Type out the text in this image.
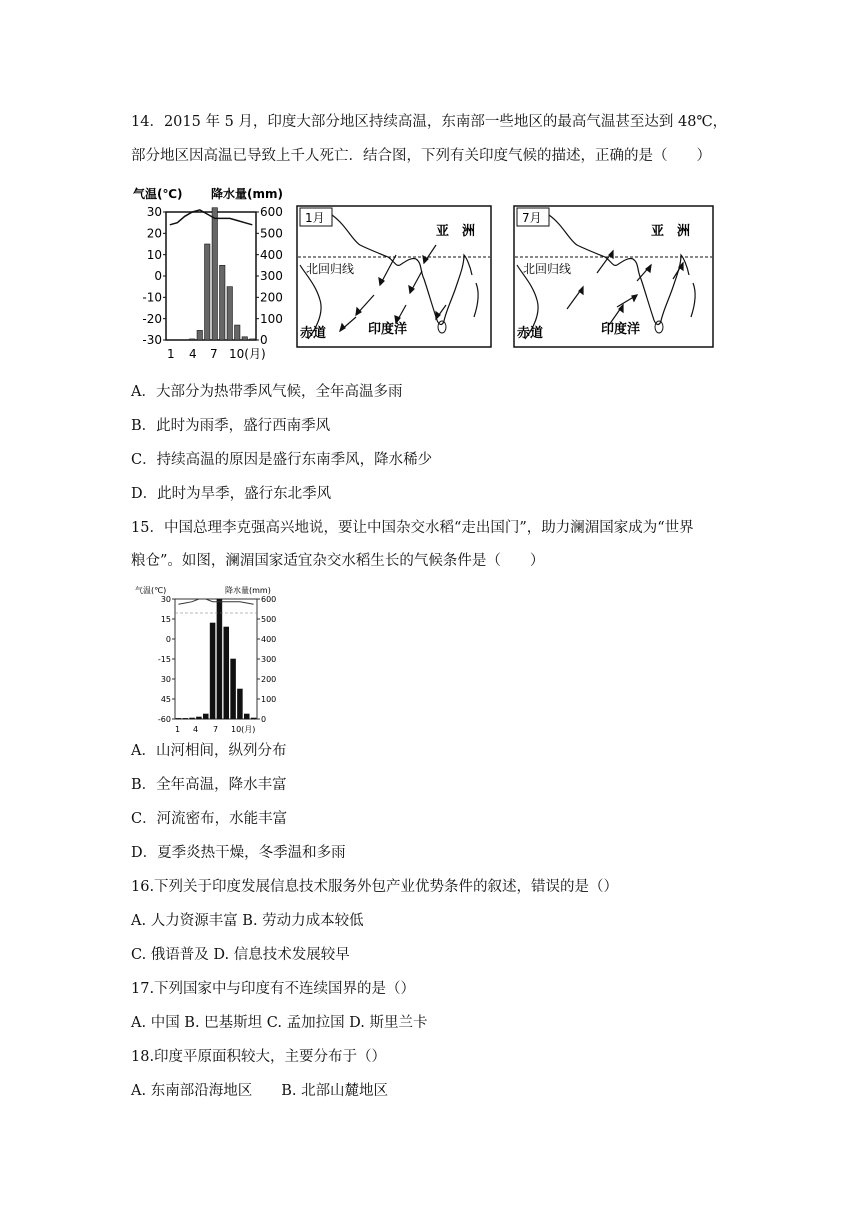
14．2015 年 5 月，印度大部分地区持续高温，东南部一些地区的最高气温甚至达到 48℃，
部分地区因高温已导致上千人死亡．结合图，下列有关印度气候的描述，正确的是（　　）
气温(℃) 降水量(mm)
30	600
20	500
10	400
0	300
-10	200
-20	100
-30	0
1 4 7 10(月)
1月
北回归线
亚　洲
赤道	印度洋
7月
北回归线
亚　洲
赤道	印度洋
A．大部分为热带季风气候，全年高温多雨
B．此时为雨季，盛行西南季风
C．持续高温的原因是盛行东南季风，降水稀少
D．此时为旱季，盛行东北季风
15．中国总理李克强高兴地说，要让中国杂交水稻“走出国门”，助力澜湄国家成为“世界
粮仓”。如图，澜湄国家适宜杂交水稻生长的气候条件是（　　）
气温(℃)	降水量(mm)
30	600
15	500
0	400
-15	300
30	200
45	100
-60	0
1 4 7 10(月)
A．山河相间，纵列分布
B．全年高温，降水丰富
C．河流密布，水能丰富
D．夏季炎热干燥，冬季温和多雨
16.下列关于印度发展信息技术服务外包产业优势条件的叙述，错误的是（）
A. 人力资源丰富 B. 劳动力成本较低
C. 俄语普及 D. 信息技术发展较早
17.下列国家中与印度有不连续国界的是（）
A. 中国 B. 巴基斯坦 C. 孟加拉国 D. 斯里兰卡
18.印度平原面积较大，主要分布于（）
A. 东南部沿海地区　　B. 北部山麓地区
